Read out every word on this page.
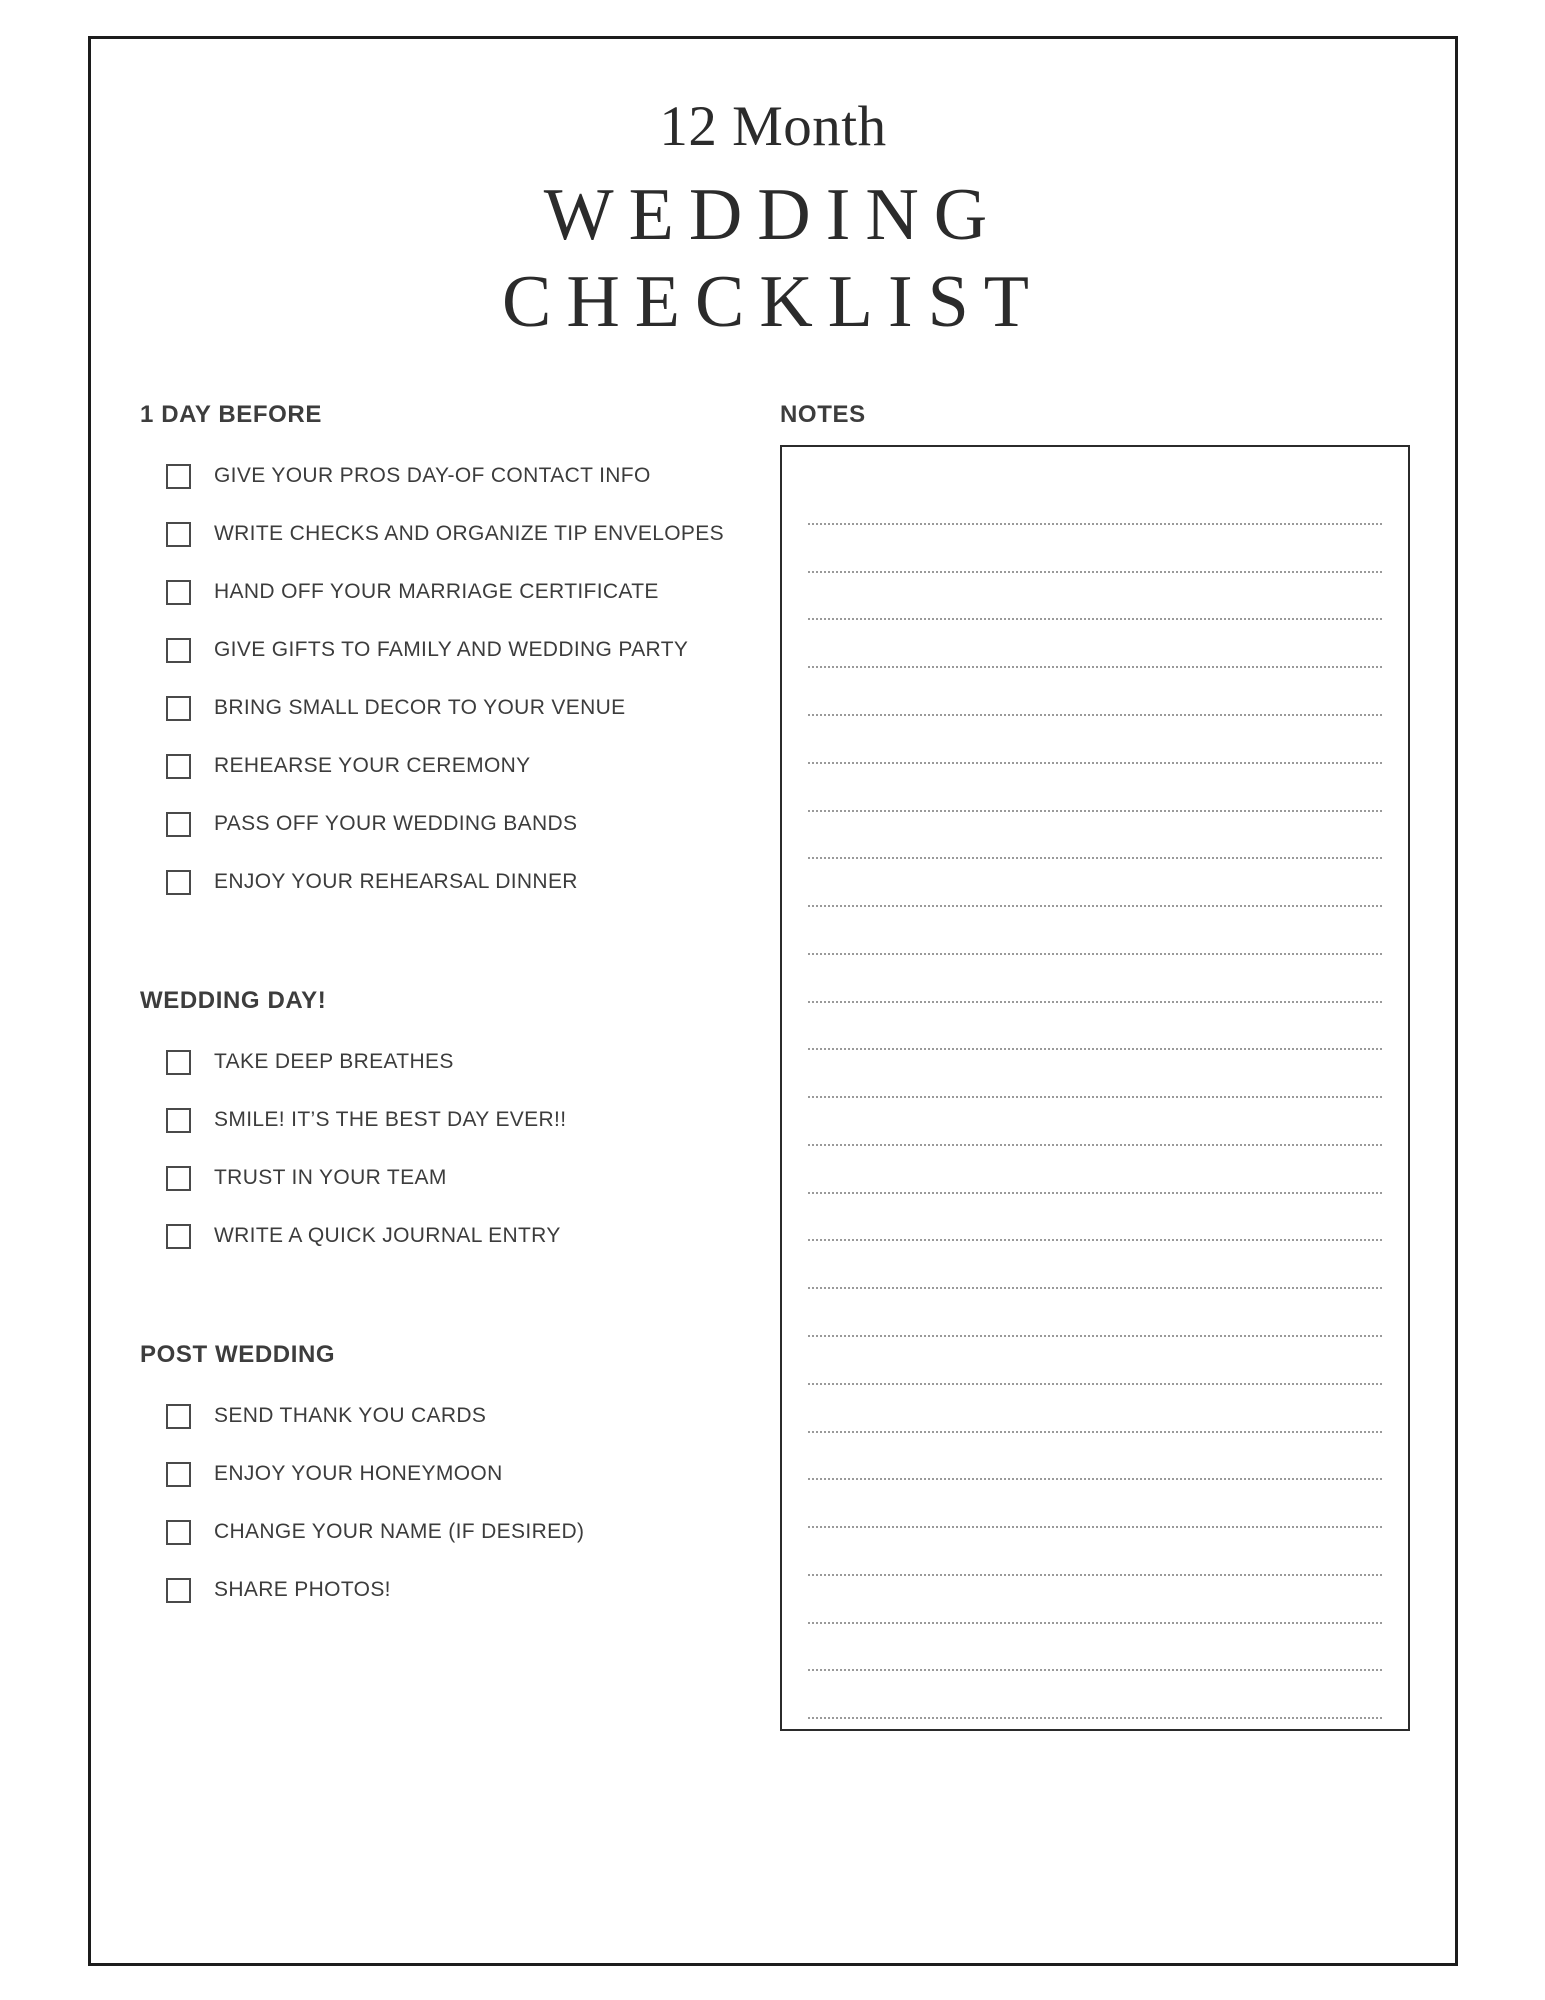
12 Month
WEDDING
CHECKLIST
1 DAY BEFORE
GIVE YOUR PROS DAY-OF CONTACT INFO
WRITE CHECKS AND ORGANIZE TIP ENVELOPES
HAND OFF YOUR MARRIAGE CERTIFICATE
GIVE GIFTS TO FAMILY AND WEDDING PARTY
BRING SMALL DECOR TO YOUR VENUE
REHEARSE YOUR CEREMONY
PASS OFF YOUR WEDDING BANDS
ENJOY YOUR REHEARSAL DINNER
WEDDING DAY!
TAKE DEEP BREATHES
SMILE! IT’S THE BEST DAY EVER!!
TRUST IN YOUR TEAM
WRITE A QUICK JOURNAL ENTRY
POST WEDDING
SEND THANK YOU CARDS
ENJOY YOUR HONEYMOON
CHANGE YOUR NAME (IF DESIRED)
SHARE PHOTOS!
NOTES
